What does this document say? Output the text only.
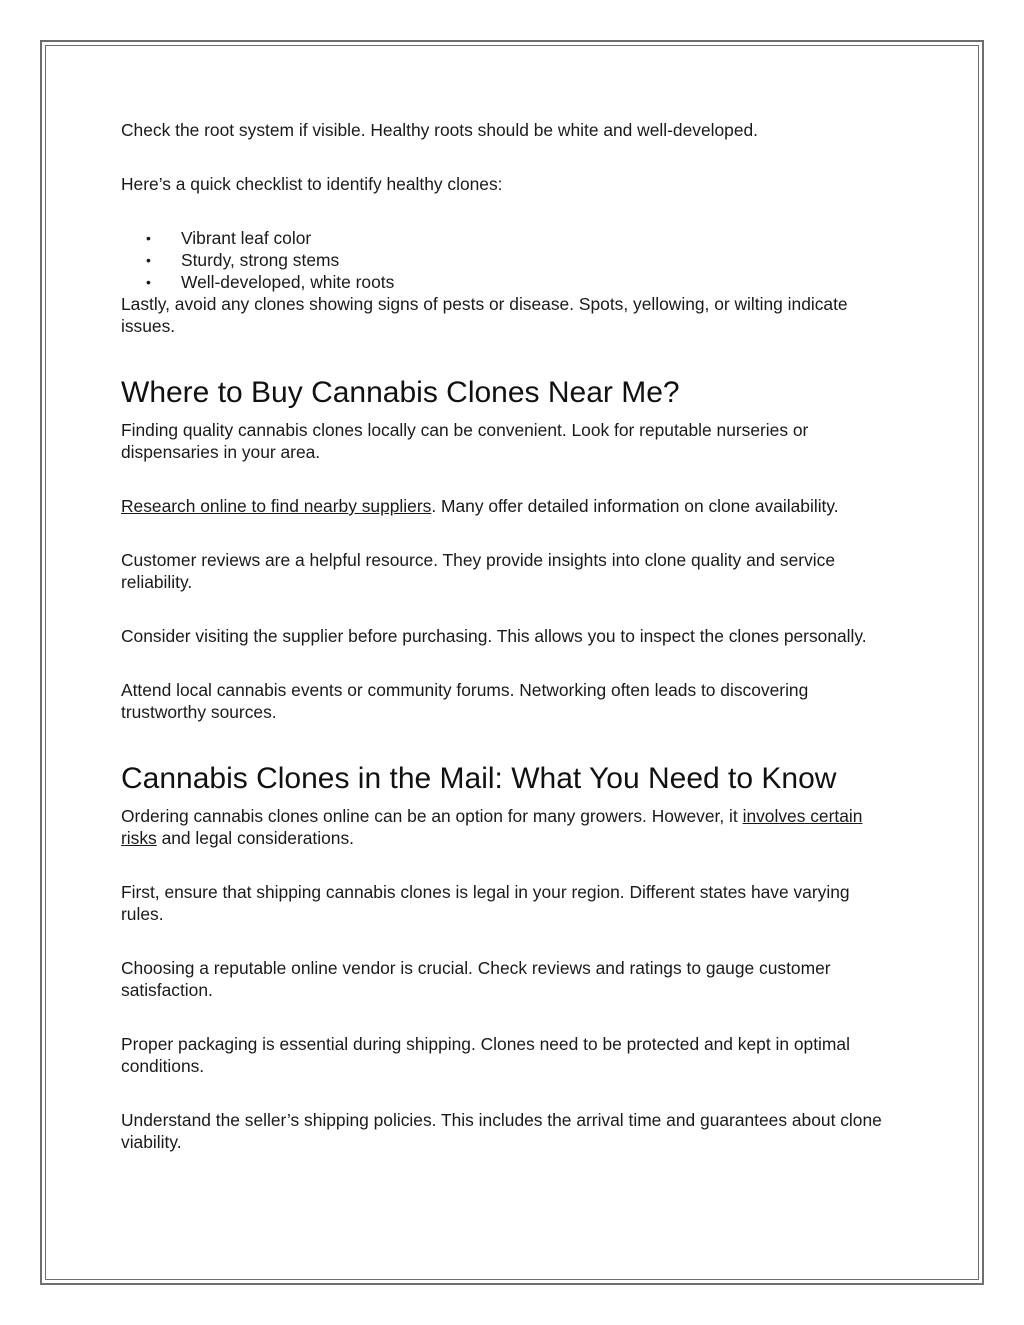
Check the root system if visible. Healthy roots should be white and well-developed.

Here’s a quick checklist to identify healthy clones:

• Vibrant leaf color
• Sturdy, strong stems
• Well-developed, white roots

Lastly, avoid any clones showing signs of pests or disease. Spots, yellowing, or wilting indicate issues.

Where to Buy Cannabis Clones Near Me?

Finding quality cannabis clones locally can be convenient. Look for reputable nurseries or dispensaries in your area.

Research online to find nearby suppliers. Many offer detailed information on clone availability.

Customer reviews are a helpful resource. They provide insights into clone quality and service reliability.

Consider visiting the supplier before purchasing. This allows you to inspect the clones personally.

Attend local cannabis events or community forums. Networking often leads to discovering trustworthy sources.

Cannabis Clones in the Mail: What You Need to Know

Ordering cannabis clones online can be an option for many growers. However, it involves certain risks and legal considerations.

First, ensure that shipping cannabis clones is legal in your region. Different states have varying rules.

Choosing a reputable online vendor is crucial. Check reviews and ratings to gauge customer satisfaction.

Proper packaging is essential during shipping. Clones need to be protected and kept in optimal conditions.

Understand the seller’s shipping policies. This includes the arrival time and guarantees about clone viability.
